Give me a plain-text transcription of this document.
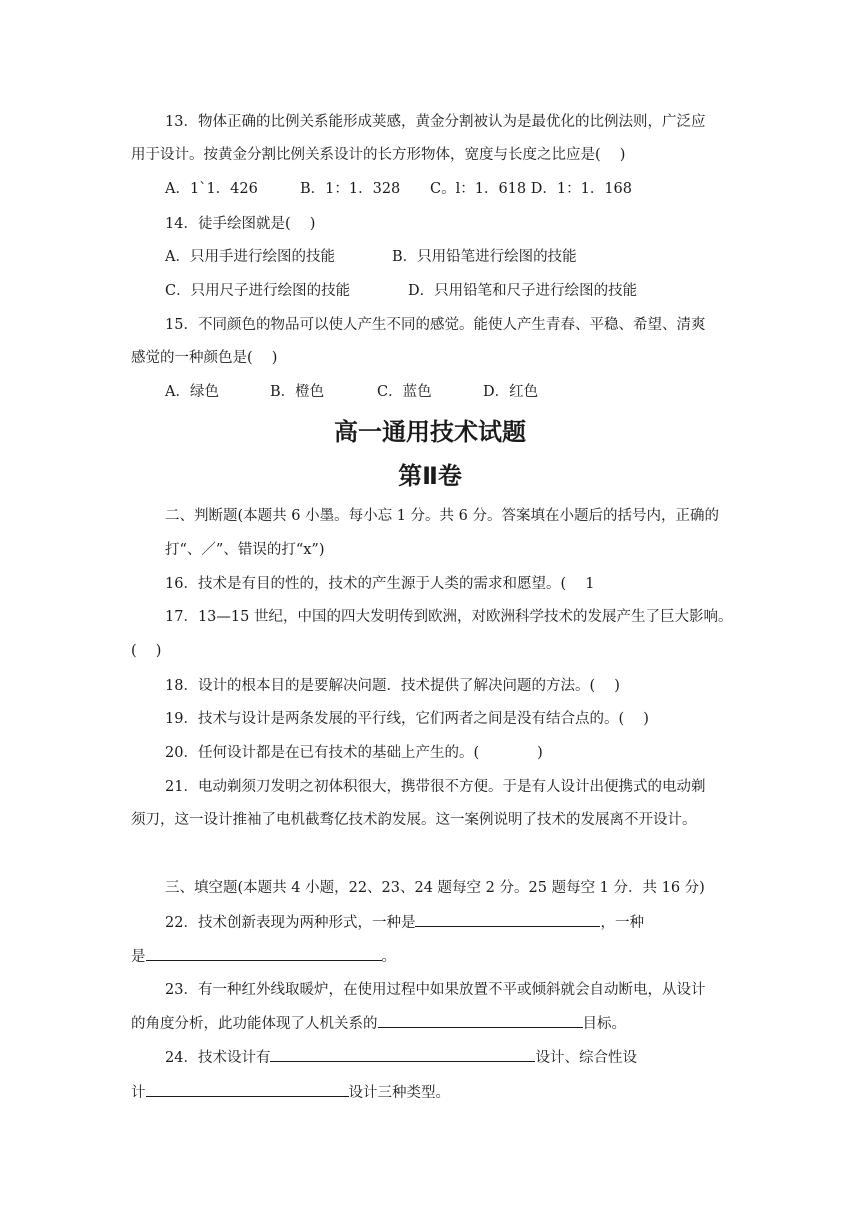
13．物体正确的比例关系能形成荚感，黄金分割被认为是最优化的比例法则，广泛应
用于设计。按黄金分割比例关系设计的长方形物体，宽度与长度之比应是(　 )
A．1`1．426	B．1：1．328 C。l：1．618 D．1：1．168
14．徒手绘图就是(　 )
A．只用手进行绘图的技能	B．只用铅笔进行绘图的技能
C．只用尺子进行绘图的技能	D．只用铅笔和尺子进行绘图的技能
15．不同颜色的物品可以使人产生不同的感觉。能使人产生青春、平稳、希望、清爽
感觉的一种颜色是(　 )
A．绿色	B．橙色	C．蓝色	D．红色
高一通用技术试题
第Ⅱ卷
二、判断题(本题共 6 小墨。每小忘 1 分。共 6 分。答案填在小题后的括号内，正确的
打“、／”、错误的打“x”)
16．技术是有目的性的，技术的产生源于人类的需求和愿望。(　 1
17．13—15 世纪，中国的四大发明传到欧洲，对欧洲科学技术的发展产生了巨大影响。
(　 )
18．设计的根本目的是要解决问题．技术提供了解决问题的方法。(　 )
19．技术与设计是两条发展的平行线，它们两者之间是没有结合点的。(　 )
20．任何设计都是在已有技术的基础上产生的。(　　　　)
21．电动剃须刀发明之初体积很大，携带很不方便。于是有人设计出便携式的电动剃
须刀，这一设计推袖了电机截骛亿技术韵发展。这一案例说明了技术的发展离不开设计。
三、填空题(本题共 4 小题，22、23、24 题每空 2 分。25 题每空 1 分．共 16 分)
22．技术创新表现为两种形式，一种是	，一种
是	。
23．有一种红外线取暖炉，在使用过程中如果放置不平或倾斜就会自动断电，从设计
的角度分析，此功能体现了人机关系的	目标。
24．技术设计有	设计、综合性设
计	设计三种类型。
